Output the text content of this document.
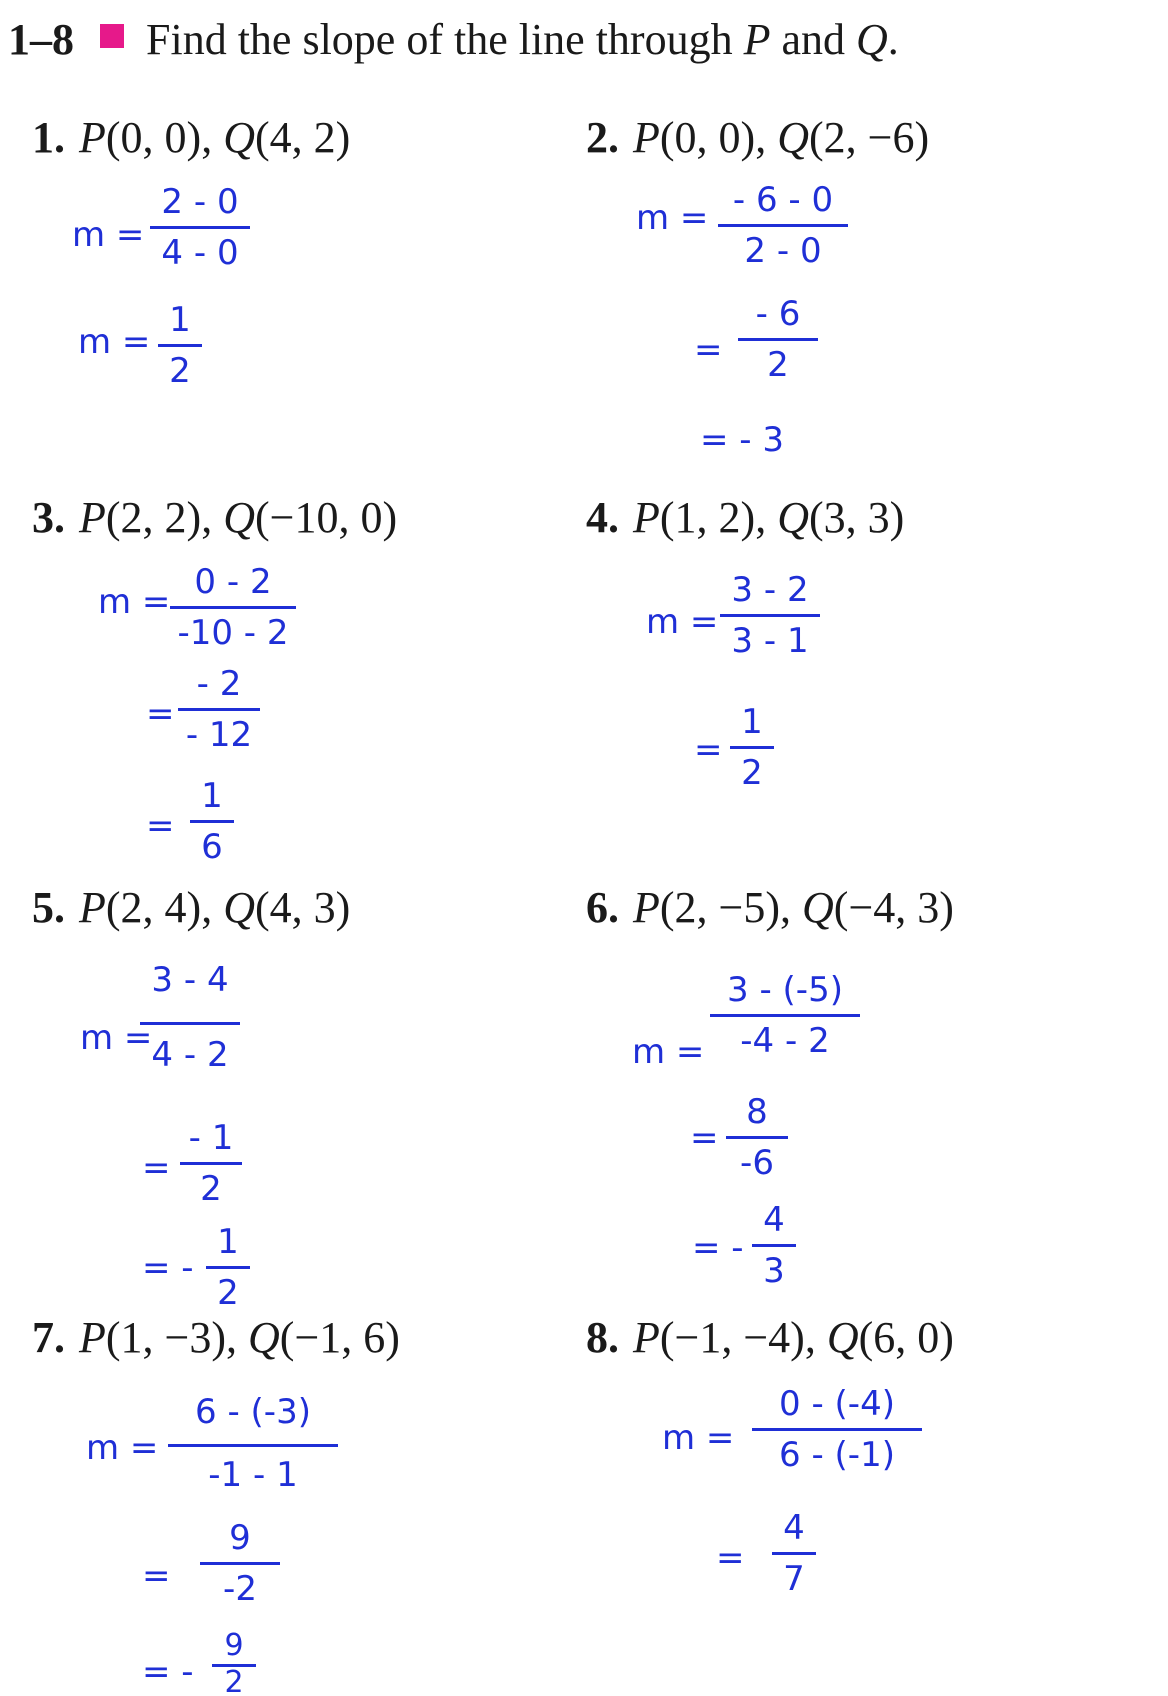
1–8 Find the slope of the line through P and Q.
1. P(0, 0), Q(4, 2)
m =
2 - 0
4 - 0
m =
1
2
2. P(0, 0), Q(2, −6)
m = - 6 - 0
2 - 0
=
- 6
2
= - 3
3. P(2, 2), Q(−10, 0)
m = 0 - 2
-10 - 2
=
- 2
- 12
=
1
6
4. P(1, 2), Q(3, 3)
m =
3 - 2
3 - 1
=
1
2
5. P(2, 4), Q(4, 3)
m =
3 - 4
4 - 2
=
- 1
2
= -
1
2
6. P(2, −5), Q(−4, 3)
m =
3 - (-5)
-4 - 2
=
8
-6
= -
4
3
7. P(1, −3), Q(−1, 6)
m =
6 - (-3)
-1 - 1
=
9
-2
= -
9
2
8. P(−1, −4), Q(6, 0)
m =
0 - (-4)
6 - (-1)
=
4
7
